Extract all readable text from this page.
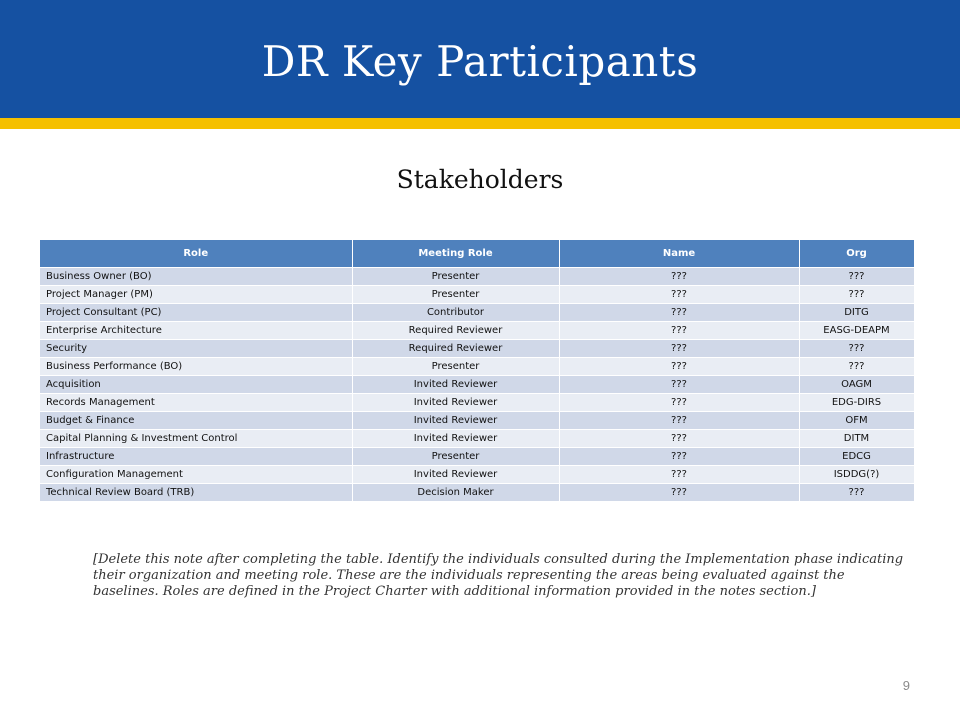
DR Key Participants
Stakeholders
Role	Meeting Role	Name	Org
Business Owner (BO)	Presenter	???	???
Project Manager (PM)	Presenter	???	???
Project Consultant (PC)	Contributor	???	DITG
Enterprise Architecture	Required Reviewer	???	EASG-DEAPM
Security	Required Reviewer	???	???
Business Performance (BO)	Presenter	???	???
Acquisition	Invited Reviewer	???	OAGM
Records Management	Invited Reviewer	???	EDG-DIRS
Budget & Finance	Invited Reviewer	???	OFM
Capital Planning & Investment Control	Invited Reviewer	???	DITM
Infrastructure	Presenter	???	EDCG
Configuration Management	Invited Reviewer	???	ISDDG(?)
Technical Review Board (TRB)	Decision Maker	???	???
[Delete this note after completing the table. Identify the individuals consulted during the Implementation phase indicating their organization and meeting role. These are the individuals representing the areas being evaluated against the baselines. Roles are defined in the Project Charter with additional information provided in the notes section.]
9
